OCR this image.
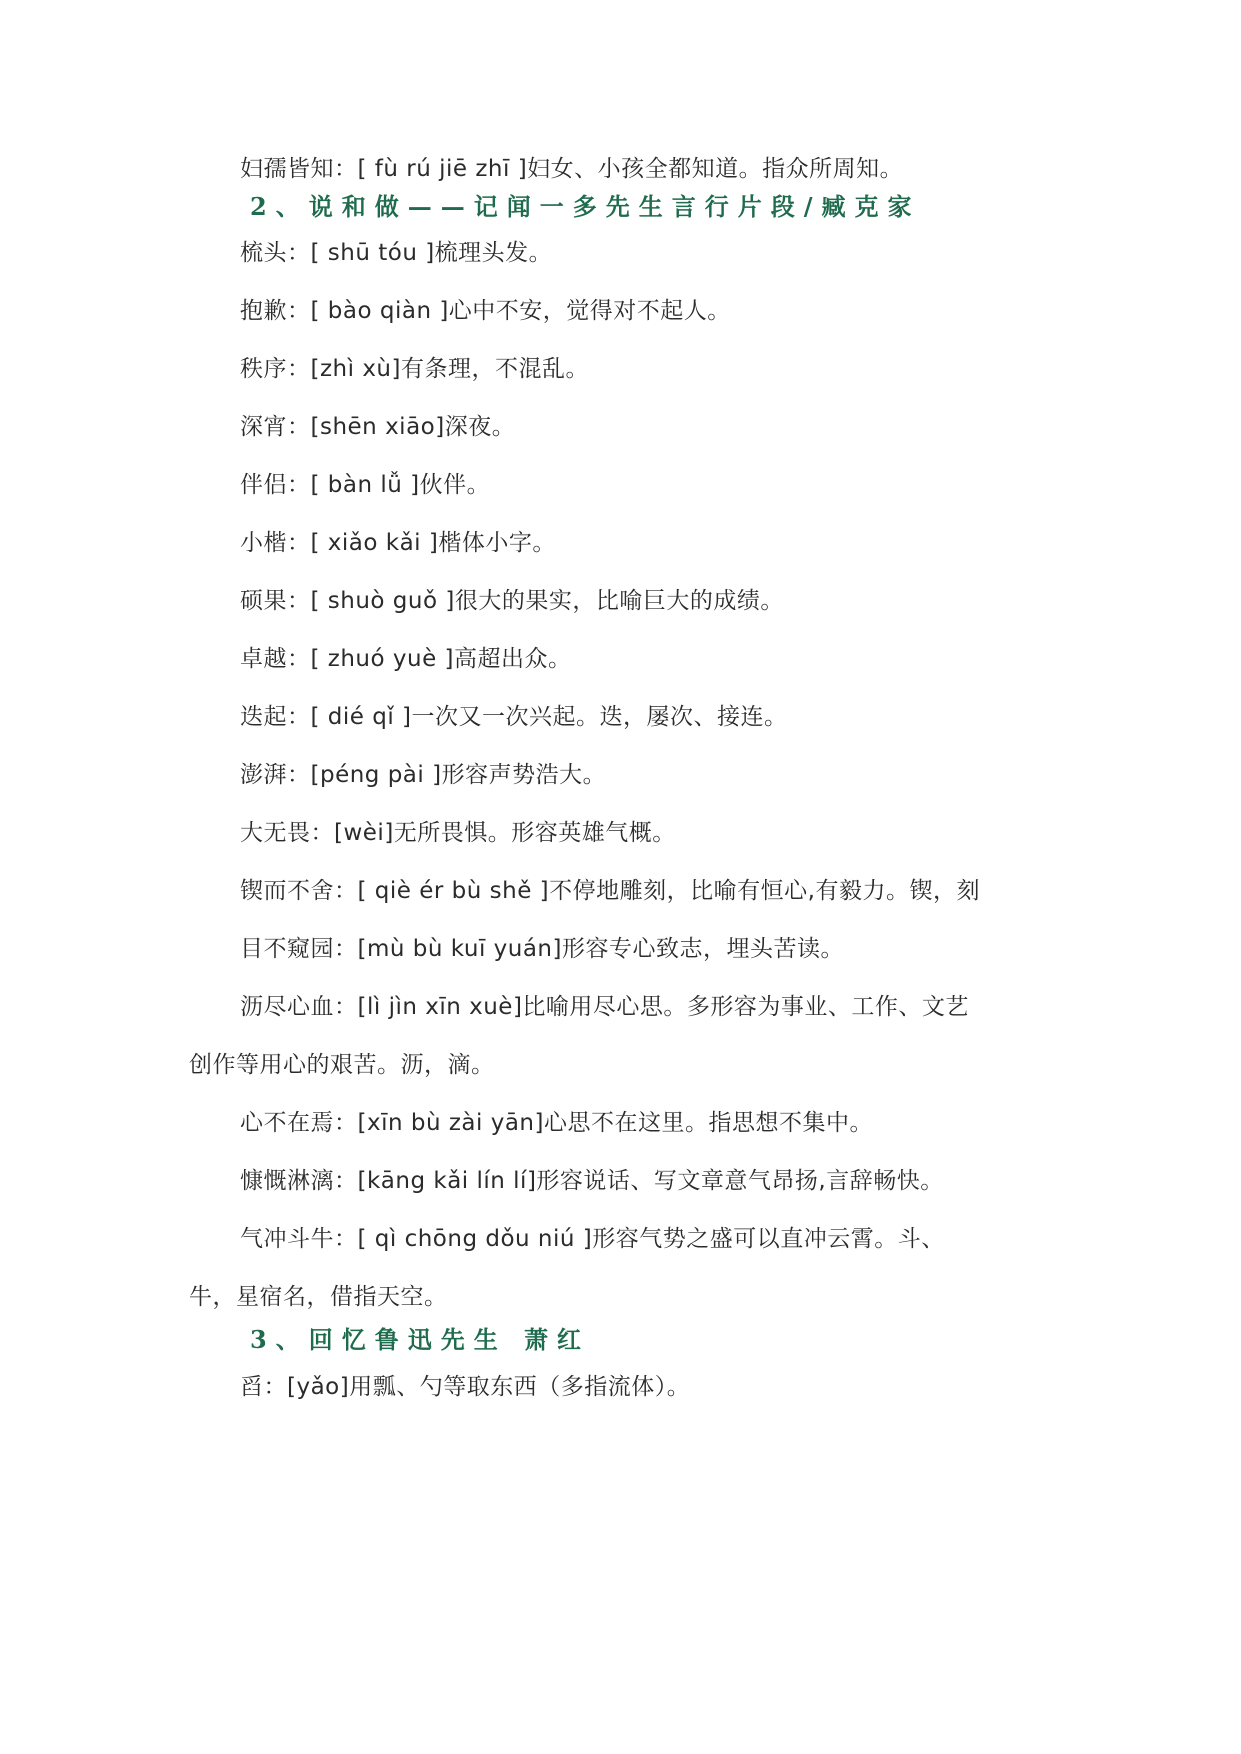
妇孺皆知：[ fù rú jiē zhī ]妇女、小孩全都知道。指众所周知。
2、说和做——记闻一多先生言行片段/臧克家
梳头：[ shū tóu ]梳理头发。
抱歉：[ bào qiàn ]心中不安，觉得对不起人。
秩序：[zhì xù]有条理，不混乱。
深宵：[shēn xiāo]深夜。
伴侣：[ bàn lǚ ]伙伴。
小楷：[ xiǎo kǎi ]楷体小字。
硕果：[ shuò guǒ ]很大的果实，比喻巨大的成绩。
卓越：[ zhuó yuè ]高超出众。
迭起：[ dié qǐ ]一次又一次兴起。迭，屡次、接连。
澎湃：[péng pài ]形容声势浩大。
大无畏：[wèi]无所畏惧。形容英雄气概。
锲而不舍：[ qiè ér bù shě ]不停地雕刻，比喻有恒心,有毅力。锲，刻
目不窥园：[mù bù kuī yuán]形容专心致志，埋头苦读。
沥尽心血：[lì jìn xīn xuè]比喻用尽心思。多形容为事业、工作、文艺
创作等用心的艰苦。沥，滴。
心不在焉：[xīn bù zài yān]心思不在这里。指思想不集中。
慷慨淋漓：[kāng kǎi lín lí]形容说话、写文章意气昂扬,言辞畅快。
气冲斗牛：[ qì chōng dǒu niú ]形容气势之盛可以直冲云霄。斗、
牛，星宿名，借指天空。
3、回忆鲁迅先生 萧红
舀：[yǎo]用瓢、勺等取东西（多指流体）。
